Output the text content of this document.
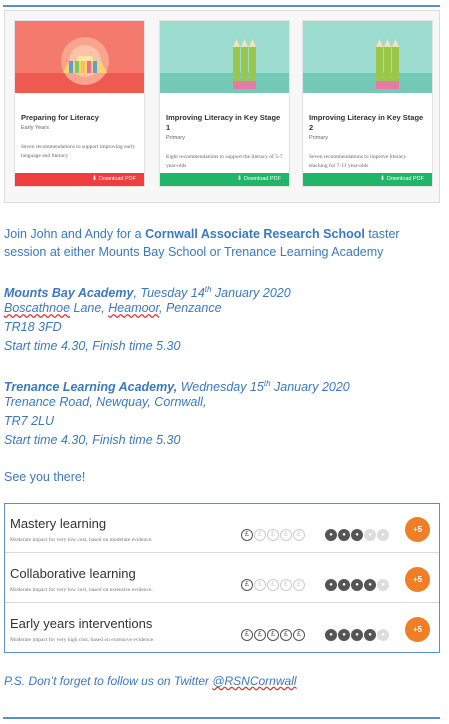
Preparing for Literacy
Early Years
Seven recommendations to support improving early language and literacy
⬇ Download PDF
Improving Literacy in Key Stage 1
Primary
Eight recommendations to support the literacy of 5-7 year-olds
⬇ Download PDF
Improving Literacy in Key Stage 2
Primary
Seven recommendations to improve literacy teaching for 7-11 year-olds
⬇ Download PDF
Join John and Andy for a Cornwall Associate Research School taster session at either Mounts Bay School or Trenance Learning Academy
Mounts Bay Academy, Tuesday 14th January 2020
Boscathnoe Lane, Heamoor, Penzance
TR18 3FD
Start time 4.30, Finish time 5.30
Trenance Learning Academy, Wednesday 15th January 2020
Trenance Road, Newquay, Cornwall,
TR7 2LU
Start time 4.30, Finish time 5.30
See you there!
Mastery learning
Moderate impact for very low cost, based on moderate evidence.
£	£	£	£	£	●	●	●	●	●
+5
Collaborative learning
Moderate impact for very low cost, based on extensive evidence.
£	£	£	£	£	●	●	●	●	●
+5
Early years interventions
Moderate impact for very high cost, based on extensive evidence.
£	£	£	£	£	●	●	●	●	●
+5
P.S. Don’t forget to follow us on Twitter @RSNCornwall
